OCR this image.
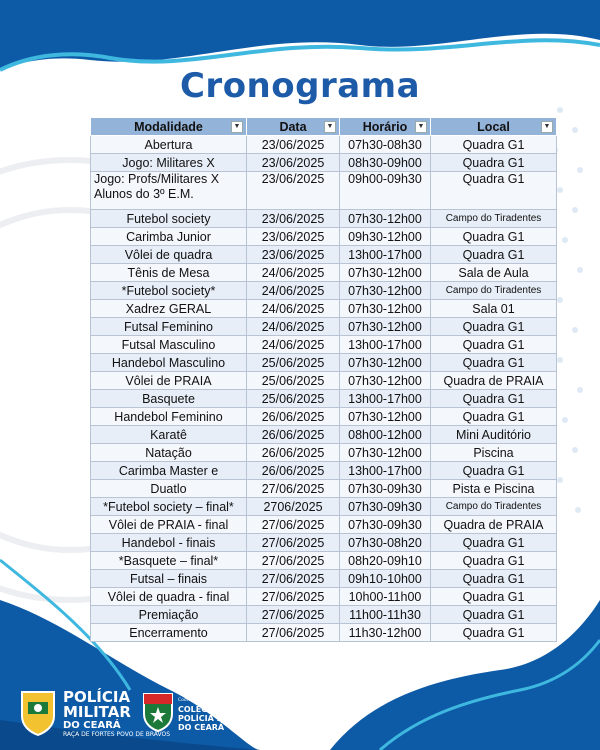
Cronograma
Modalidade ▼	Data ▼	Horário ▼	Local ▼

Abertura	23/06/2025	07h30-08h30	Quadra G1
Jogo: Militares X	23/06/2025	08h30-09h00	Quadra G1
Jogo: Profs/Militares X Alunos do 3º E.M.	23/06/2025	09h00-09h30	Quadra G1
Futebol society	23/06/2025	07h30-12h00	Campo do Tiradentes
Carimba Junior	23/06/2025	09h30-12h00	Quadra G1
Vôlei de quadra	23/06/2025	13h00-17h00	Quadra G1
Tênis de Mesa	24/06/2025	07h30-12h00	Sala de Aula
*Futebol society*	24/06/2025	07h30-12h00	Campo do Tiradentes
Xadrez GERAL	24/06/2025	07h30-12h00	Sala 01
Futsal Feminino	24/06/2025	07h30-12h00	Quadra G1
Futsal Masculino	24/06/2025	13h00-17h00	Quadra G1
Handebol Masculino	25/06/2025	07h30-12h00	Quadra G1
Vôlei de PRAIA	25/06/2025	07h30-12h00	Quadra de PRAIA
Basquete	25/06/2025	13h00-17h00	Quadra G1
Handebol Feminino	26/06/2025	07h30-12h00	Quadra G1
Karatê	26/06/2025	08h00-12h00	Mini Auditório
Natação	26/06/2025	07h30-12h00	Piscina
Carimba Master e	26/06/2025	13h00-17h00	Quadra G1
Duatlo	27/06/2025	07h30-09h30	Pista e Piscina
*Futebol society – final*	2706/2025	07h30-09h30	Campo do Tiradentes
Vôlei de PRAIA - final	27/06/2025	07h30-09h30	Quadra de PRAIA
Handebol - finais	27/06/2025	07h30-08h20	Quadra G1
*Basquete – final*	27/06/2025	08h20-09h10	Quadra G1
Futsal – finais	27/06/2025	09h10-10h00	Quadra G1
Vôlei de quadra - final	27/06/2025	10h00-11h00	Quadra G1
Premiação	27/06/2025	11h00-11h30	Quadra G1
Encerramento	27/06/2025	11h30-12h00	Quadra G1
POLÍCIA
MILITAR
DO CEARÁ
RAÇA DE FORTES POVO DE BRAVOS
Coordenadoria dos
COLÉGIOS DA
POLÍCIA MILITAR
DO CEARÁ
